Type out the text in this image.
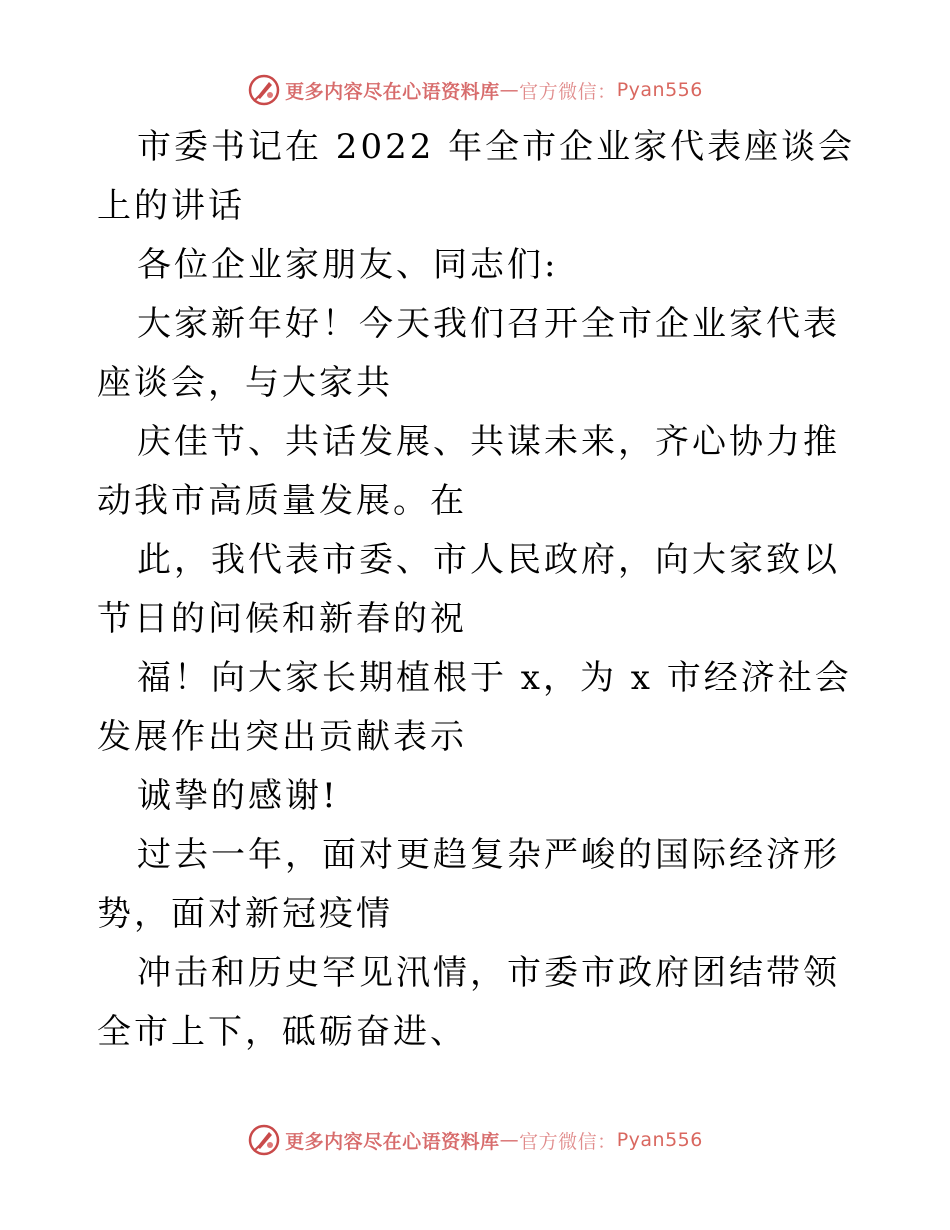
更多内容尽在心语资料库 — 官方微信： Pyan556

市委书记在 2022 年全市企业家代表座谈会上的讲话

各位企业家朋友、同志们:

大家新年好！今天我们召开全市企业家代表座谈会，与大家共

庆佳节、共话发展、共谋未来，齐心协力推动我市高质量发展。在

此，我代表市委、市人民政府，向大家致以节日的问候和新春的祝

福！向大家长期植根于 x，为 x 市经济社会发展作出突出贡献表示

诚挚的感谢!

过去一年，面对更趋复杂严峻的国际经济形势，面对新冠疫情

冲击和历史罕见汛情，市委市政府团结带领全市上下，砥砺奋进、

更多内容尽在心语资料库 — 官方微信： Pyan556
